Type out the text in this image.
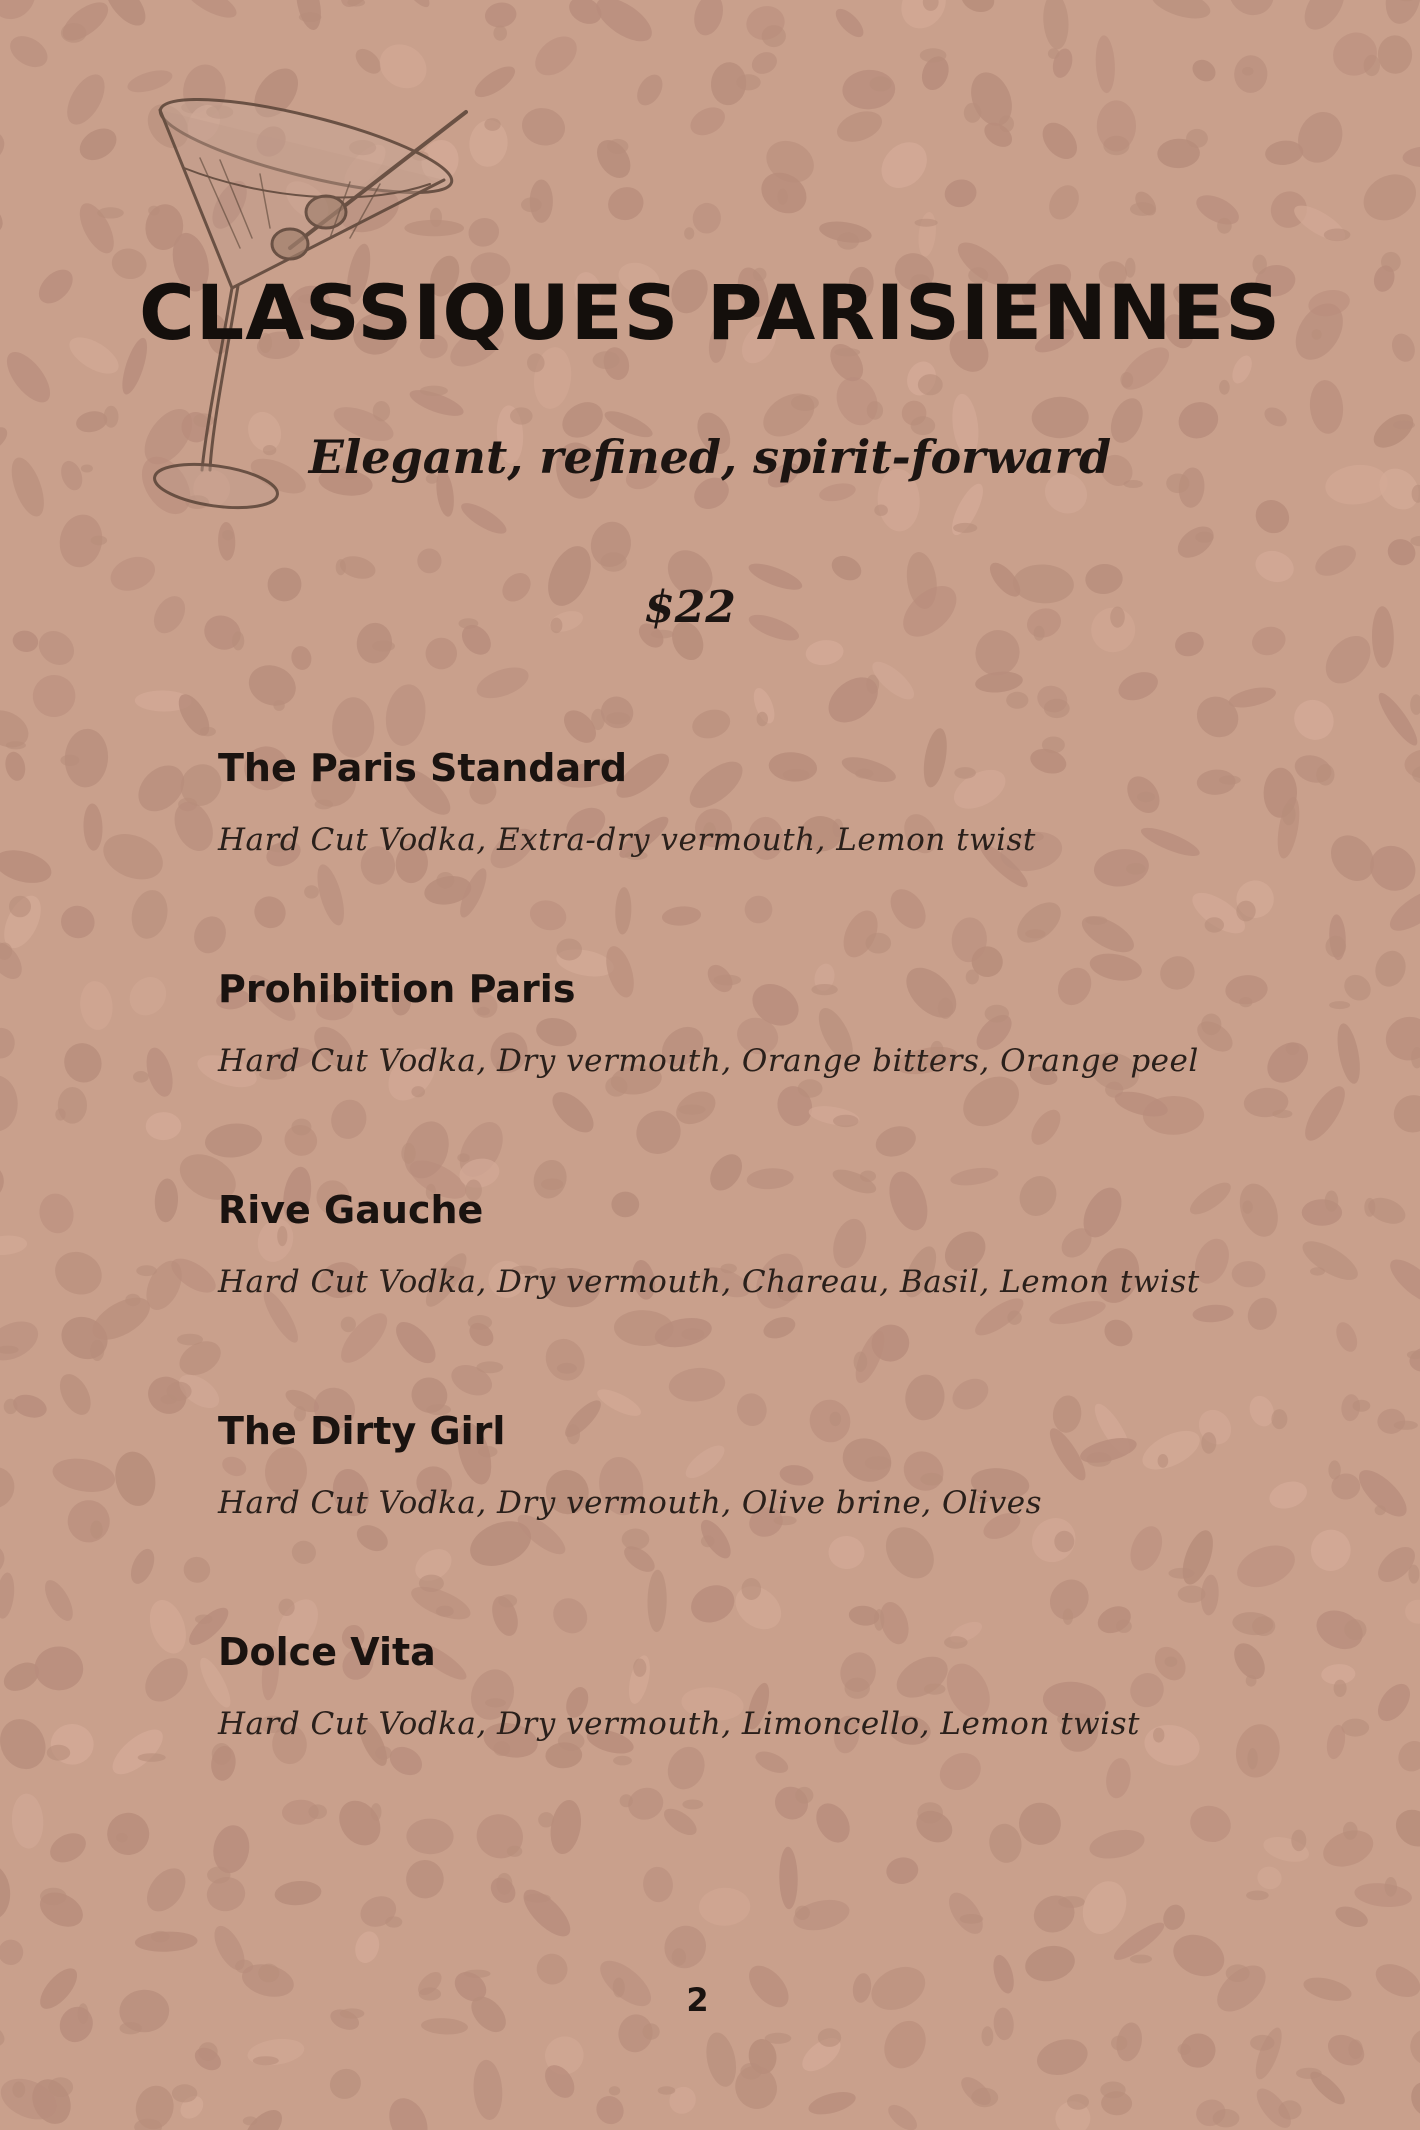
CLASSIQUES PARISIENNES
Elegant, refined, spirit-forward
$22
The Paris Standard
Hard Cut Vodka, Extra-dry vermouth, Lemon twist
Prohibition Paris
Hard Cut Vodka, Dry vermouth, Orange bitters, Orange peel
Rive Gauche
Hard Cut Vodka, Dry vermouth, Chareau, Basil, Lemon twist
The Dirty Girl
Hard Cut Vodka, Dry vermouth, Olive brine, Olives
Dolce Vita
Hard Cut Vodka, Dry vermouth, Limoncello, Lemon twist
2
